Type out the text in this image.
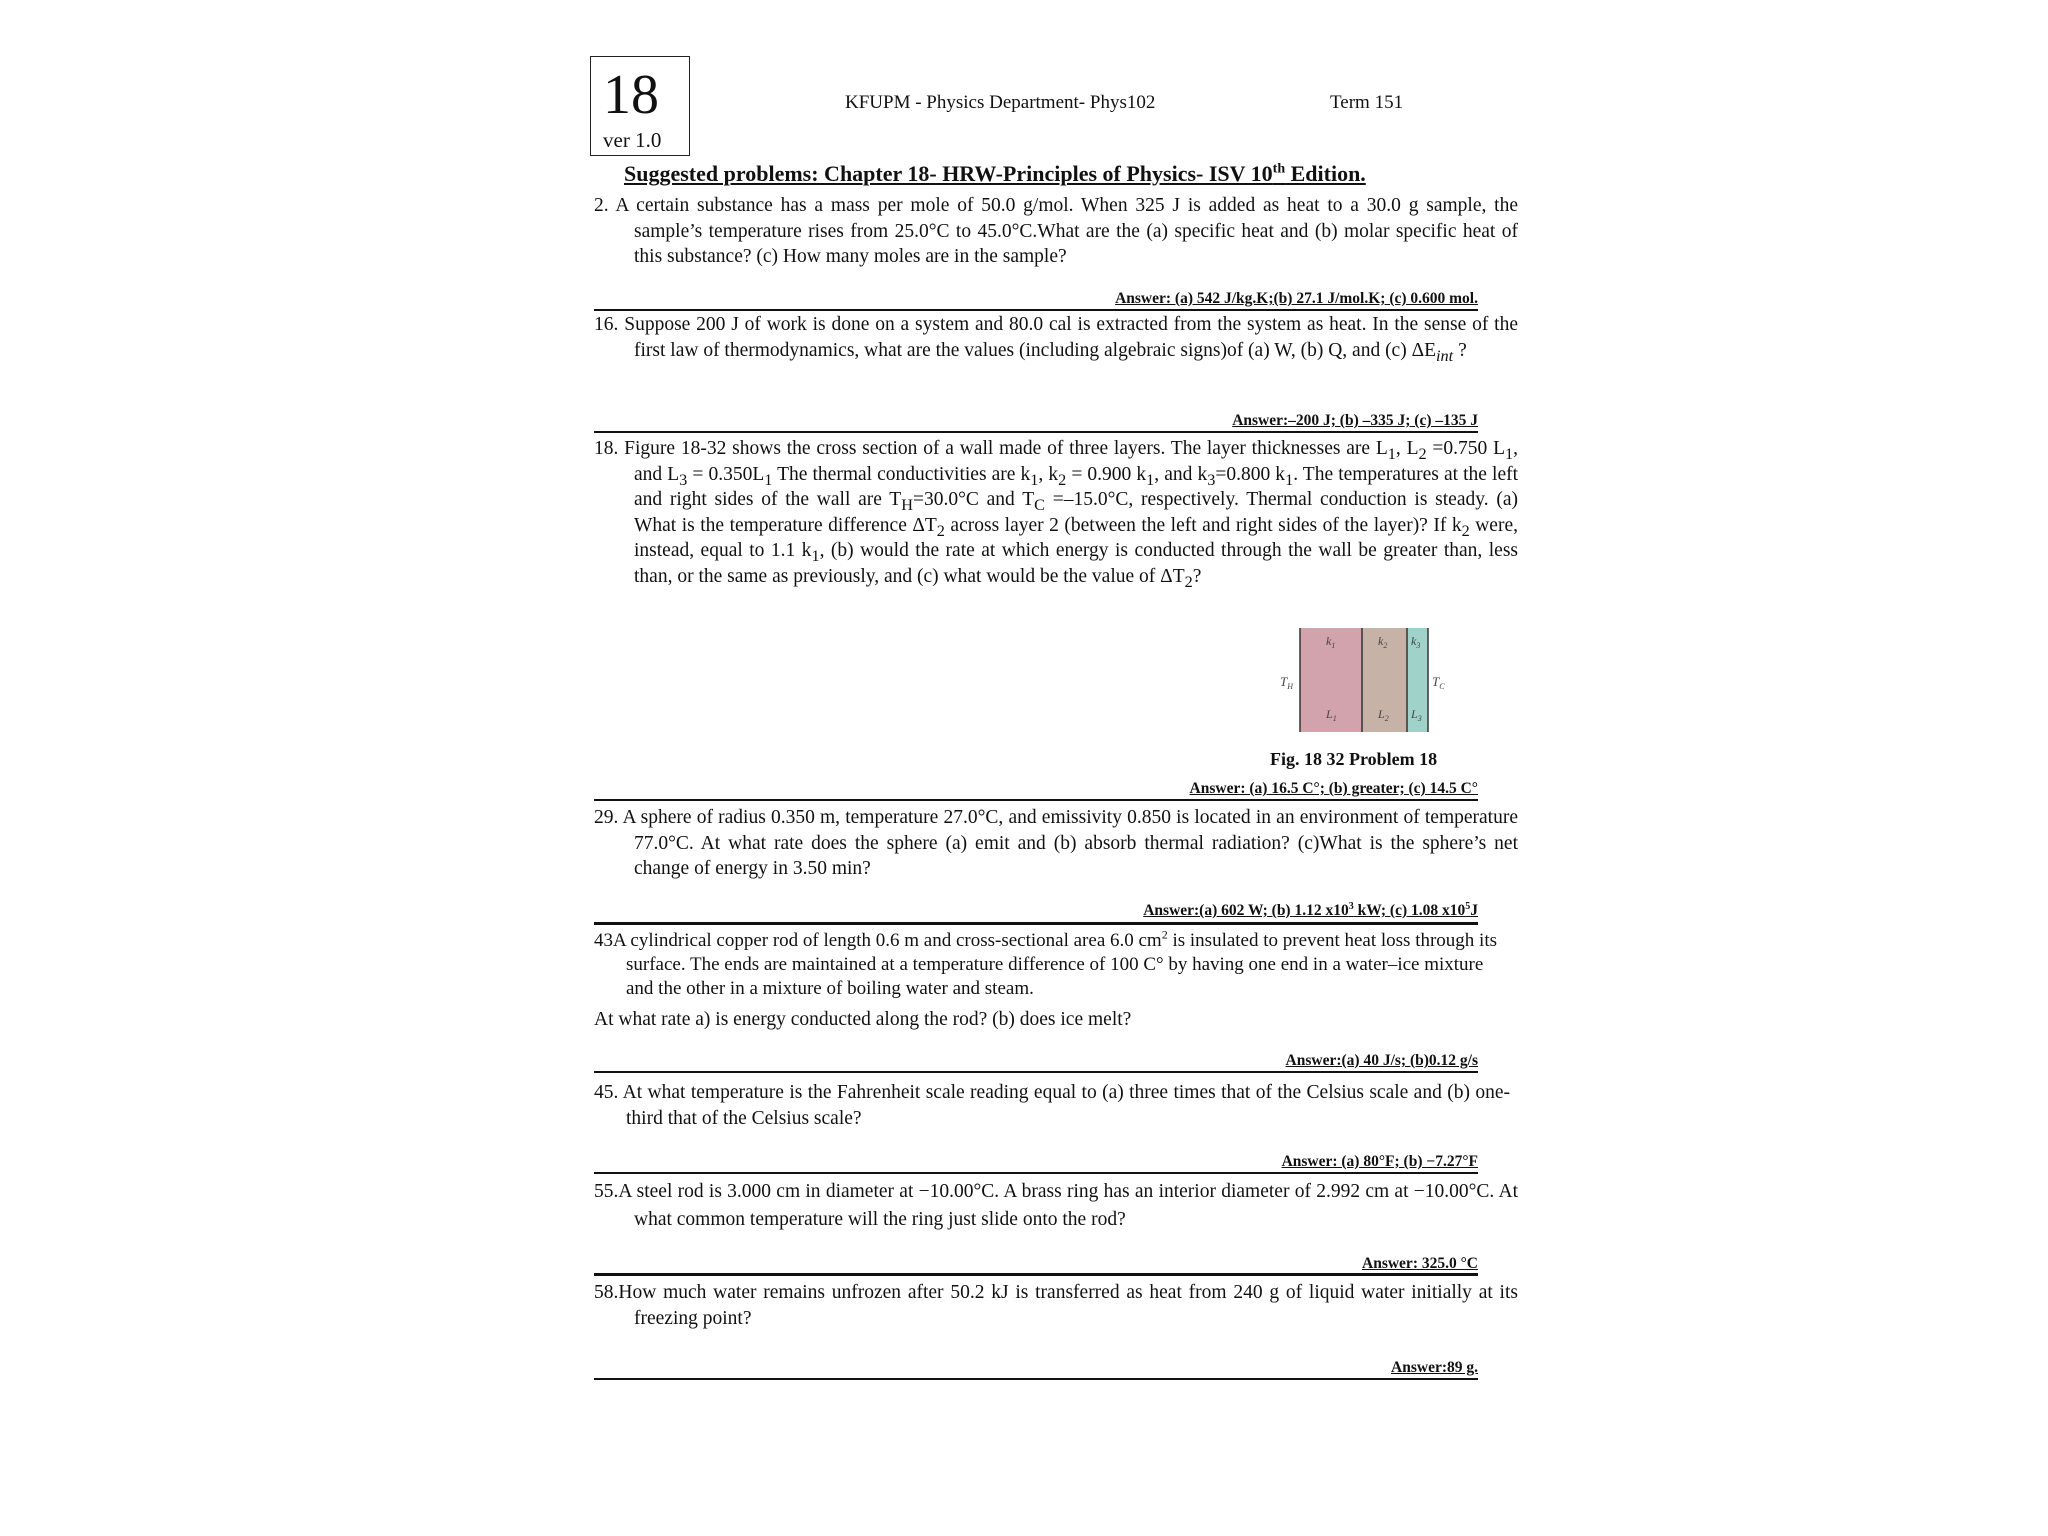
18
ver 1.0
KFUPM - Physics Department- Phys102	Term 151
Suggested problems: Chapter 18- HRW-Principles of Physics- ISV 10th Edition.
2. A certain substance has a mass per mole of 50.0 g/mol. When 325 J is added as heat to a 30.0 g sample, the sample’s temperature rises from 25.0°C to 45.0°C.What are the (a) specific heat and (b) molar specific heat of this substance? (c) How many moles are in the sample?
Answer: (a) 542 J/kg.K;(b) 27.1 J/mol.K; (c) 0.600 mol.
16. Suppose 200 J of work is done on a system and 80.0 cal is extracted from the system as heat. In the sense of the first law of thermodynamics, what are the values (including algebraic signs)of (a) W, (b) Q, and (c) $\Delta E_{int}$ ?
Answer:–200 J; (b) –335 J; (c) –135 J
18. Figure 18-32 shows the cross section of a wall made of three layers. The layer thicknesses are $L_1$, $L_2 =0.750$ $L_1$, and $L_3 = 0.350L_1$ The thermal conductivities are $k_1$, $k_2 = 0.900$ $k_1$, and $k_3=0.800$ $k_1$. The temperatures at the left and right sides of the wall are $T_H=30.0^\circ C$ and $T_C =-15.0^\circ C$, respectively. Thermal conduction is steady. (a) What is the temperature difference $\Delta T_2$ across layer 2 (between the left and right sides of the layer)? If $k_2$ were, instead, equal to 1.1 $k_1$, (b) would the rate at which energy is conducted through the wall be greater than, less than, or the same as previously, and (c) what would be the value of $\Delta T_2$?
$k_1$	$k_2$ $k_3$
$T_H$	$T_C$
$L_1$	$L_2$ $L_3$
Fig. 18 32 Problem 18
Answer: (a) 16.5 C°; (b) greater; (c) 14.5 C°
29. A sphere of radius 0.350 m, temperature 27.0°C, and emissivity 0.850 is located in an environment of temperature 77.0°C. At what rate does the sphere (a) emit and (b) absorb thermal radiation? (c)What is the sphere’s net change of energy in 3.50 min?
Answer:(a) 602 W; (b) 1.12 $x10^3$ kW; (c) 1.08 $x10^5J$
43A cylindrical copper rod of length 0.6 m and cross-sectional area 6.0 $cm^2$ is insulated to prevent heat loss through its surface. The ends are maintained at a temperature difference of 100 C° by having one end in a water–ice mixture and the other in a mixture of boiling water and steam.
At what rate a) is energy conducted along the rod? (b) does ice melt?
Answer:(a) 40 J/s; (b)0.12 g/s
45. At what temperature is the Fahrenheit scale reading equal to (a) three times that of the Celsius scale and (b) one-third that of the Celsius scale?
Answer: (a) 80°F; (b) −7.27°F
55.A steel rod is 3.000 cm in diameter at −10.00°C. A brass ring has an interior diameter of 2.992 cm at −10.00°C. At what common temperature will the ring just slide onto the rod?
Answer: 325.0 °C
58.How much water remains unfrozen after 50.2 kJ is transferred as heat from 240 g of liquid water initially at its freezing point?
Answer:89 g.
